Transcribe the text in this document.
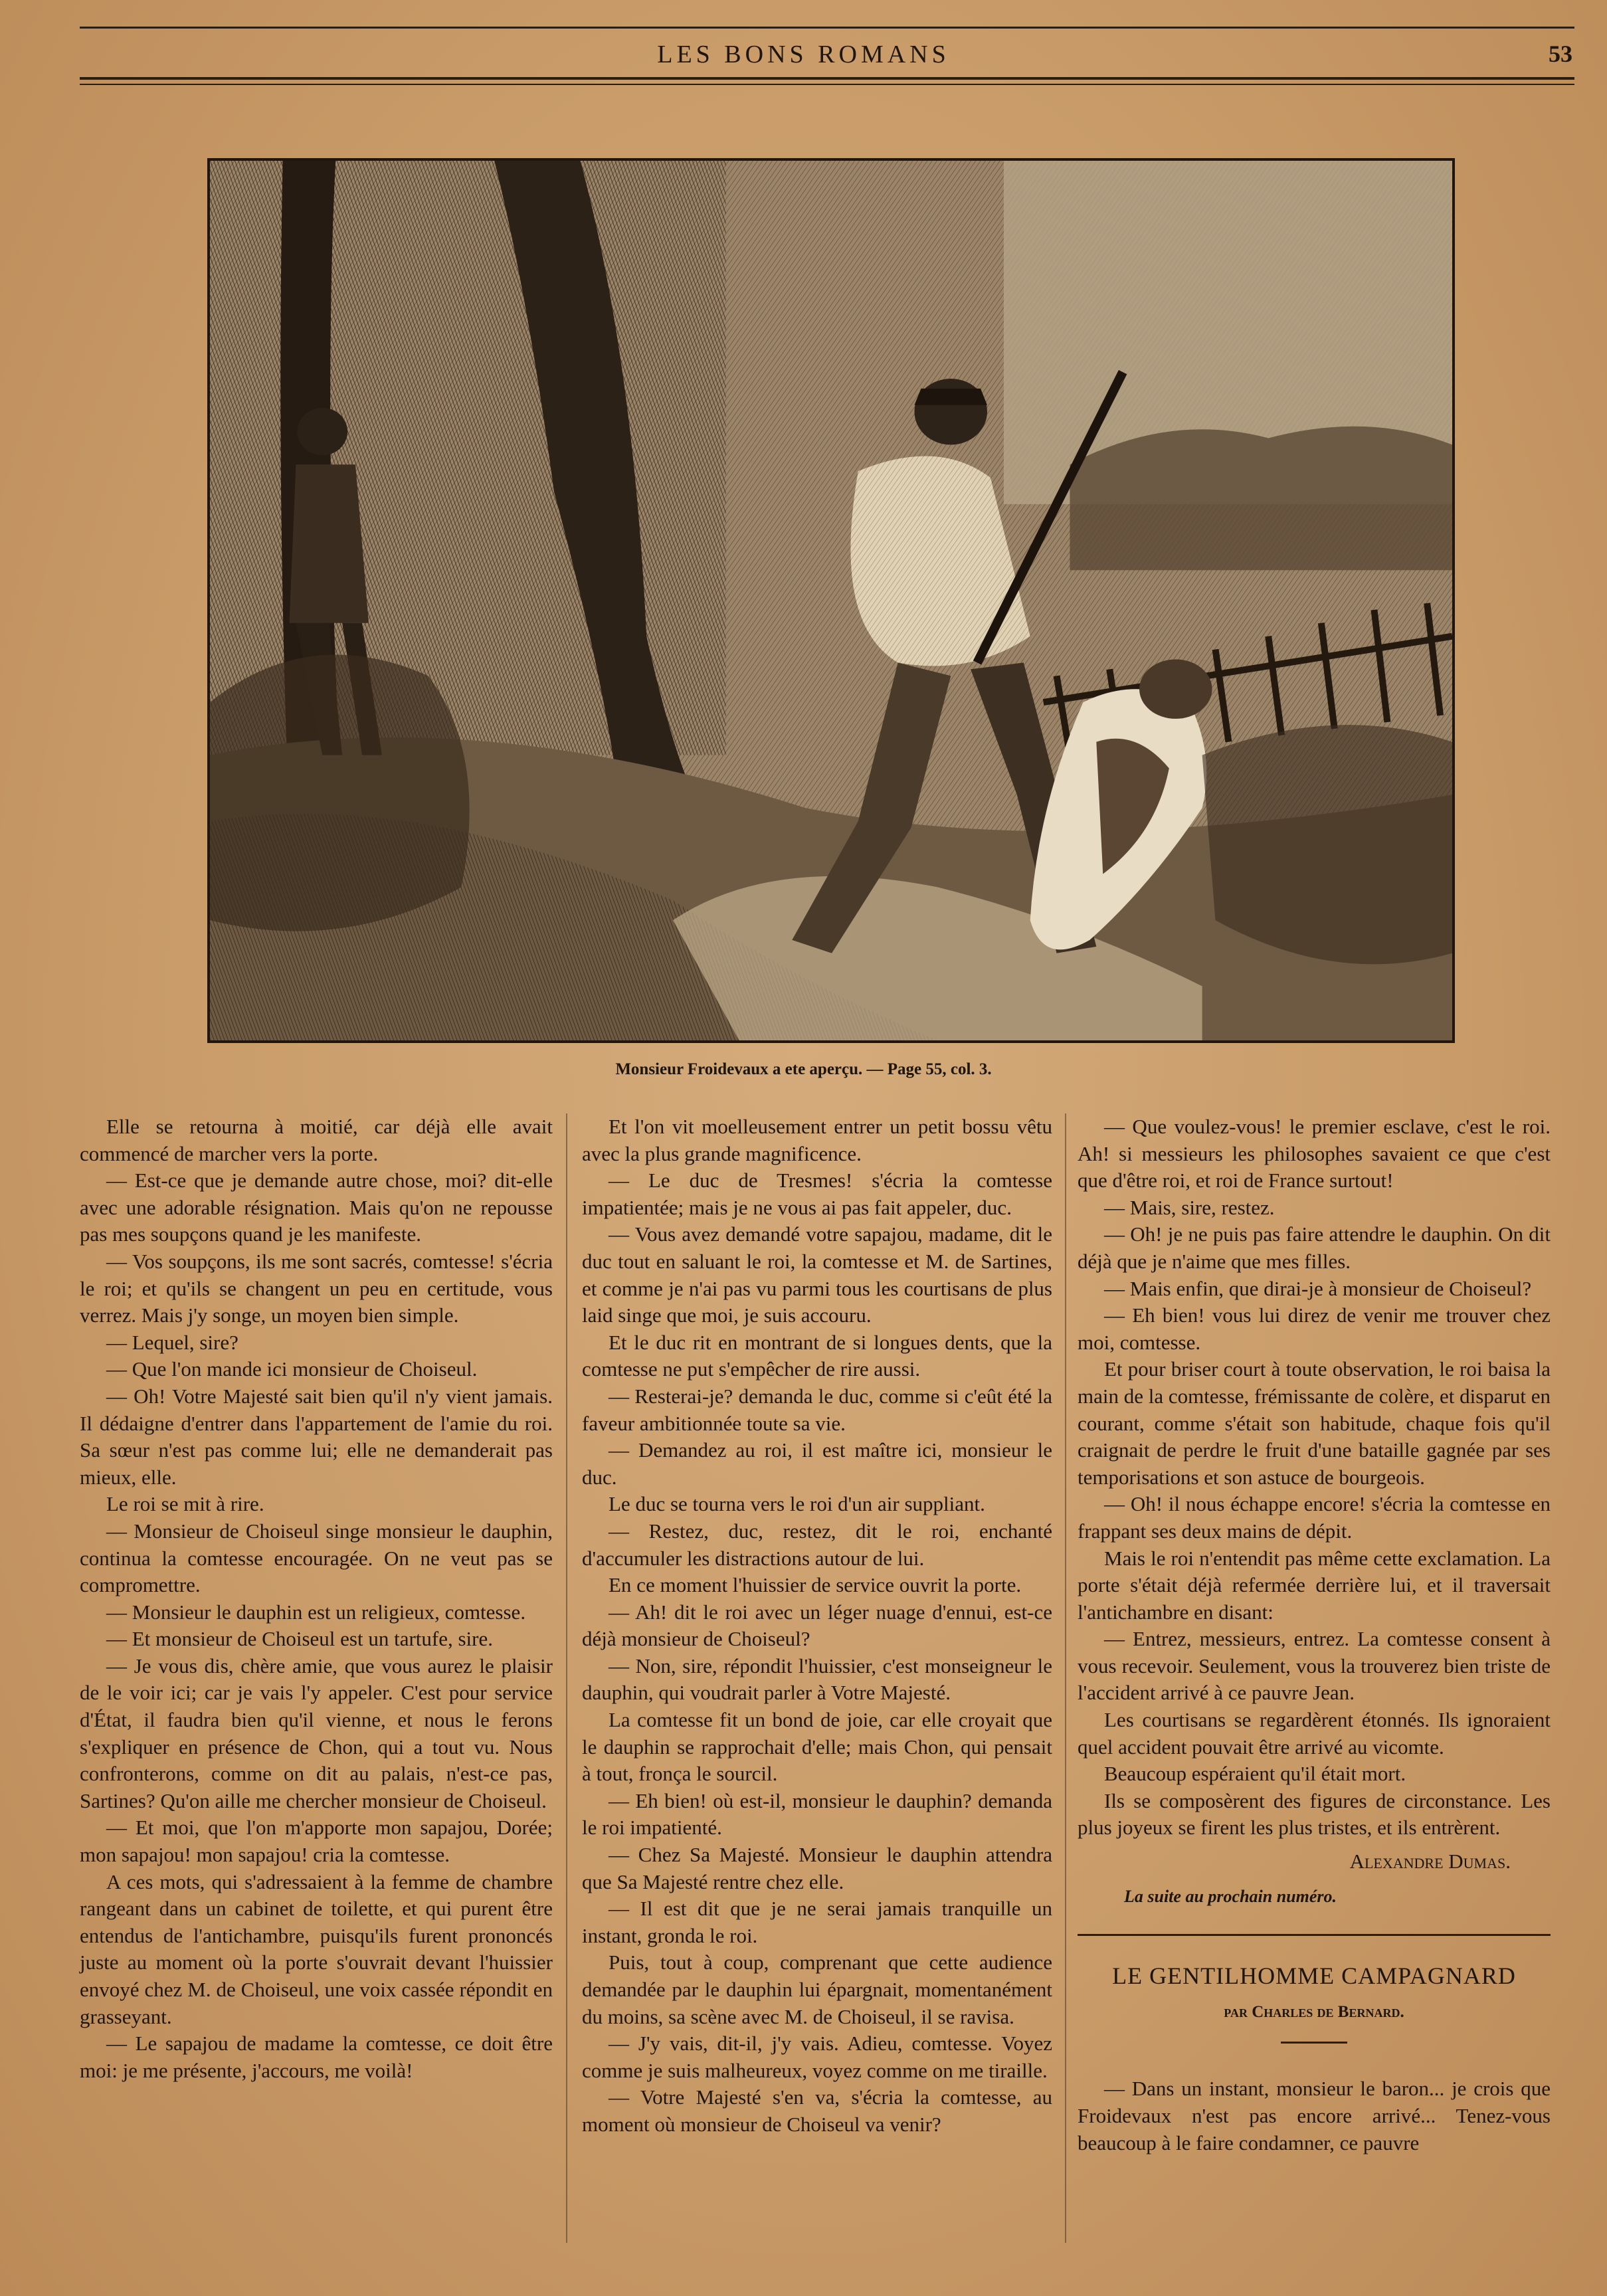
LES BONS ROMANS	53
Monsieur Froidevaux a ete aperçu. — Page 55, col. 3.

Elle se retourna à moitié, car déjà elle avait commencé de marcher vers la porte.

— Est-ce que je demande autre chose, moi? dit-elle avec une adorable résignation. Mais qu'on ne repousse pas mes soupçons quand je les manifeste.

— Vos soupçons, ils me sont sacrés, comtesse! s'écria le roi; et qu'ils se changent un peu en certitude, vous verrez. Mais j'y songe, un moyen bien simple.

— Lequel, sire?

— Que l'on mande ici monsieur de Choiseul.

— Oh! Votre Majesté sait bien qu'il n'y vient jamais. Il dédaigne d'entrer dans l'appartement de l'amie du roi. Sa sœur n'est pas comme lui; elle ne demanderait pas mieux, elle.

Le roi se mit à rire.

— Monsieur de Choiseul singe monsieur le dauphin, continua la comtesse encouragée. On ne veut pas se compromettre.

— Monsieur le dauphin est un religieux, comtesse.

— Et monsieur de Choiseul est un tartufe, sire.

— Je vous dis, chère amie, que vous aurez le plaisir de le voir ici; car je vais l'y appeler. C'est pour service d'État, il faudra bien qu'il vienne, et nous le ferons s'expliquer en présence de Chon, qui a tout vu. Nous confronterons, comme on dit au palais, n'est-ce pas, Sartines? Qu'on aille me chercher monsieur de Choiseul.

— Et moi, que l'on m'apporte mon sapajou, Dorée; mon sapajou! mon sapajou! cria la comtesse.

A ces mots, qui s'adressaient à la femme de chambre rangeant dans un cabinet de toilette, et qui purent être entendus de l'antichambre, puisqu'ils furent prononcés juste au moment où la porte s'ouvrait devant l'huissier envoyé chez M. de Choiseul, une voix cassée répondit en grasseyant.

— Le sapajou de madame la comtesse, ce doit être moi: je me présente, j'accours, me voilà!

Et l'on vit moelleusement entrer un petit bossu vêtu avec la plus grande magnificence.

— Le duc de Tresmes! s'écria la comtesse impatientée; mais je ne vous ai pas fait appeler, duc.

— Vous avez demandé votre sapajou, madame, dit le duc tout en saluant le roi, la comtesse et M. de Sartines, et comme je n'ai pas vu parmi tous les courtisans de plus laid singe que moi, je suis accouru.

Et le duc rit en montrant de si longues dents, que la comtesse ne put s'empêcher de rire aussi.

— Resterai-je? demanda le duc, comme si c'eût été la faveur ambitionnée toute sa vie.

— Demandez au roi, il est maître ici, monsieur le duc.

Le duc se tourna vers le roi d'un air suppliant.

— Restez, duc, restez, dit le roi, enchanté d'accumuler les distractions autour de lui.

En ce moment l'huissier de service ouvrit la porte.

— Ah! dit le roi avec un léger nuage d'ennui, est-ce déjà monsieur de Choiseul?

— Non, sire, répondit l'huissier, c'est monseigneur le dauphin, qui voudrait parler à Votre Majesté.

La comtesse fit un bond de joie, car elle croyait que le dauphin se rapprochait d'elle; mais Chon, qui pensait à tout, fronça le sourcil.

— Eh bien! où est-il, monsieur le dauphin? demanda le roi impatienté.

— Chez Sa Majesté. Monsieur le dauphin attendra que Sa Majesté rentre chez elle.

— Il est dit que je ne serai jamais tranquille un instant, gronda le roi.

Puis, tout à coup, comprenant que cette audience demandée par le dauphin lui épargnait, momentanément du moins, sa scène avec M. de Choiseul, il se ravisa.

— J'y vais, dit-il, j'y vais. Adieu, comtesse. Voyez comme je suis malheureux, voyez comme on me tiraille.

— Votre Majesté s'en va, s'écria la comtesse, au moment où monsieur de Choiseul va venir?

— Que voulez-vous! le premier esclave, c'est le roi. Ah! si messieurs les philosophes savaient ce que c'est que d'être roi, et roi de France surtout!

— Mais, sire, restez.

— Oh! je ne puis pas faire attendre le dauphin. On dit déjà que je n'aime que mes filles.

— Mais enfin, que dirai-je à monsieur de Choiseul?

— Eh bien! vous lui direz de venir me trouver chez moi, comtesse.

Et pour briser court à toute observation, le roi baisa la main de la comtesse, frémissante de colère, et disparut en courant, comme s'était son habitude, chaque fois qu'il craignait de perdre le fruit d'une bataille gagnée par ses temporisations et son astuce de bourgeois.

— Oh! il nous échappe encore! s'écria la comtesse en frappant ses deux mains de dépit.

Mais le roi n'entendit pas même cette exclamation. La porte s'était déjà refermée derrière lui, et il traversait l'antichambre en disant:

— Entrez, messieurs, entrez. La comtesse consent à vous recevoir. Seulement, vous la trouverez bien triste de l'accident arrivé à ce pauvre Jean.

Les courtisans se regardèrent étonnés. Ils ignoraient quel accident pouvait être arrivé au vicomte.

Beaucoup espéraient qu'il était mort.

Ils se composèrent des figures de circonstance. Les plus joyeux se firent les plus tristes, et ils entrèrent.

Alexandre Dumas.

La suite au prochain numéro.

LE GENTILHOMME CAMPAGNARD

par Charles de Bernard.

— Dans un instant, monsieur le baron... je crois que Froidevaux n'est pas encore arrivé... Tenez-vous beaucoup à le faire condamner, ce pauvre
